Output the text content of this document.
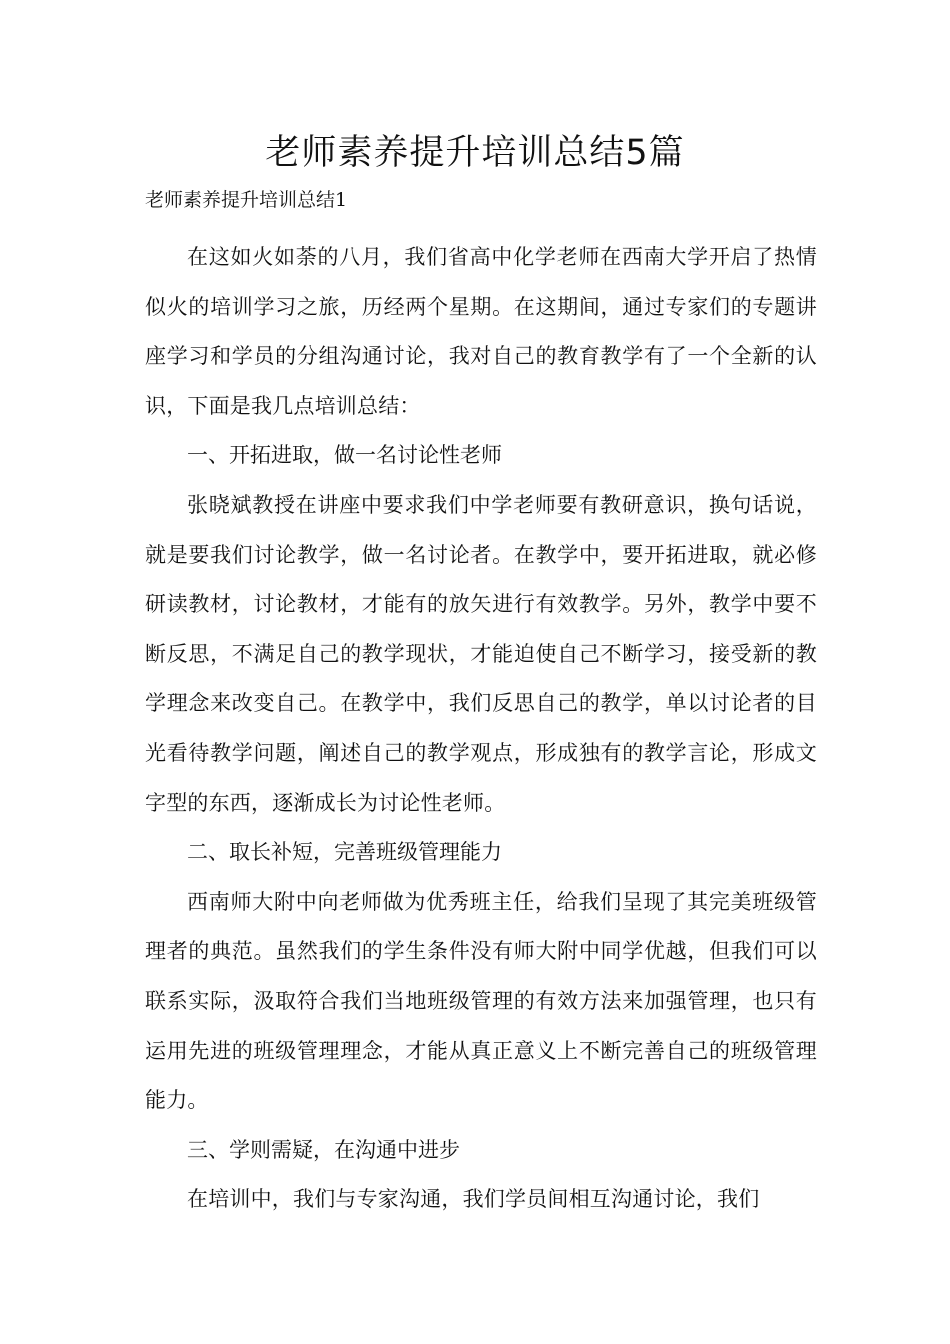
老师素养提升培训总结5篇

老师素养提升培训总结1

在这如火如荼的八月，我们省高中化学老师在西南大学开启了热情似火的培训学习之旅，历经两个星期。在这期间，通过专家们的专题讲座学习和学员的分组沟通讨论，我对自己的教育教学有了一个全新的认识，下面是我几点培训总结：

一、开拓进取，做一名讨论性老师

张晓斌教授在讲座中要求我们中学老师要有教研意识，换句话说，就是要我们讨论教学，做一名讨论者。在教学中，要开拓进取，就必修研读教材，讨论教材，才能有的放矢进行有效教学。另外，教学中要不断反思，不满足自己的教学现状，才能迫使自己不断学习，接受新的教学理念来改变自己。在教学中，我们反思自己的教学，单以讨论者的目光看待教学问题，阐述自己的教学观点，形成独有的教学言论，形成文字型的东西，逐渐成长为讨论性老师。

二、取长补短，完善班级管理能力

西南师大附中向老师做为优秀班主任，给我们呈现了其完美班级管理者的典范。虽然我们的学生条件没有师大附中同学优越，但我们可以联系实际，汲取符合我们当地班级管理的有效方法来加强管理，也只有运用先进的班级管理理念，才能从真正意义上不断完善自己的班级管理能力。

三、学则需疑，在沟通中进步

在培训中，我们与专家沟通，我们学员间相互沟通讨论，我们
